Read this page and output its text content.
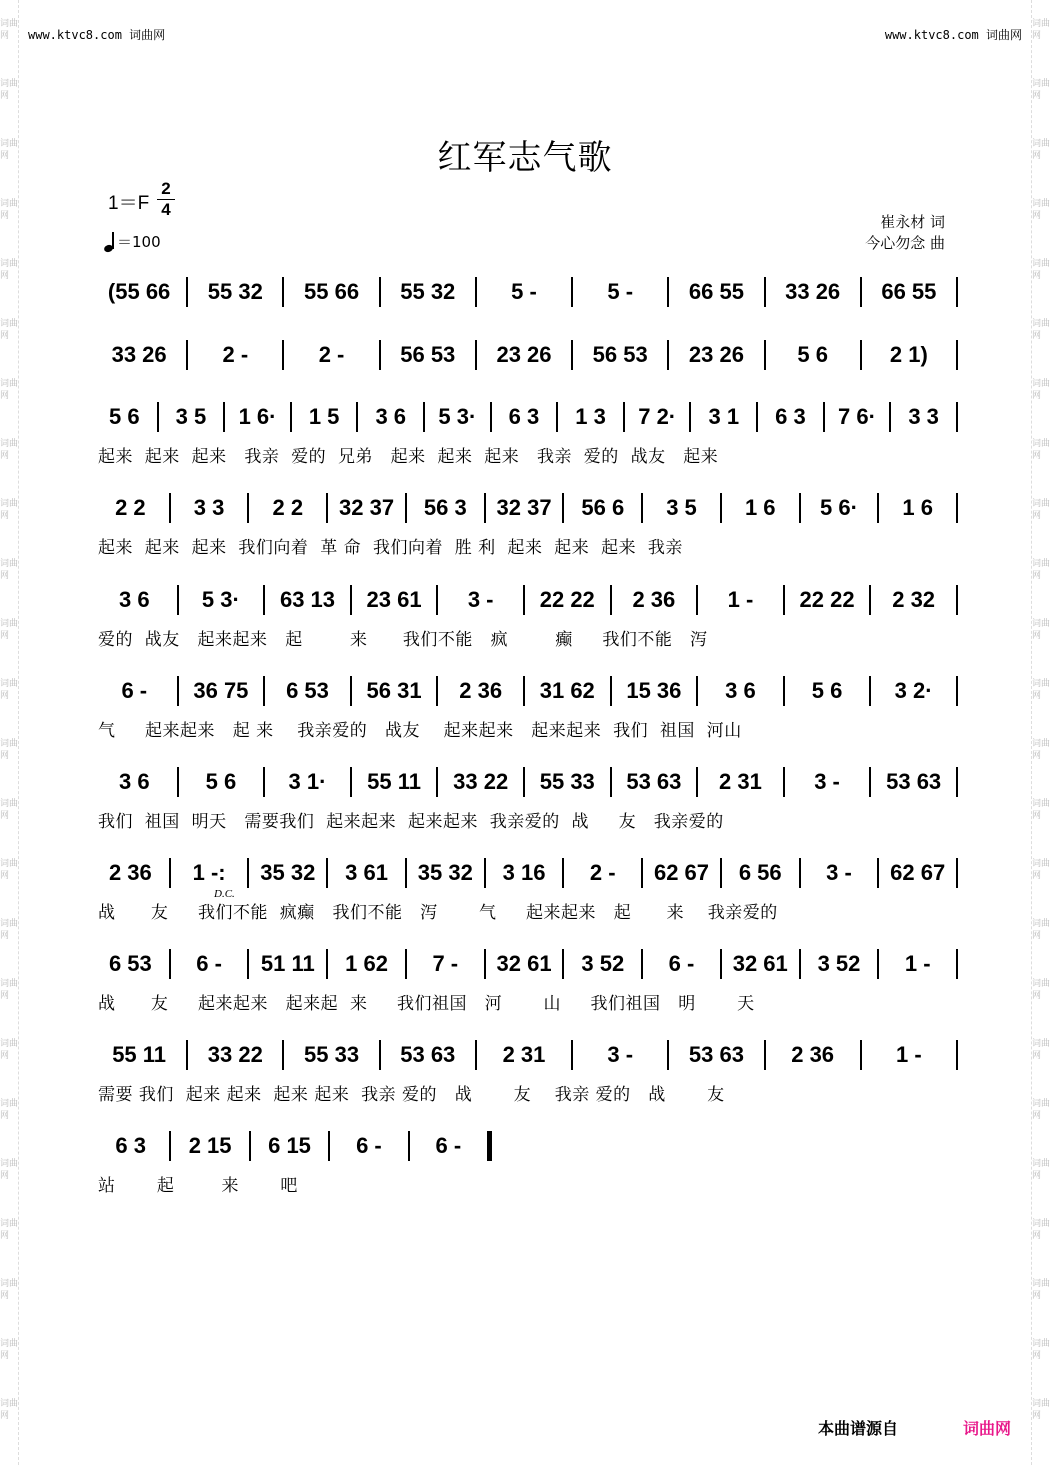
词曲网
词曲网
词曲网
词曲网
词曲网
词曲网
词曲网
词曲网
词曲网
词曲网
词曲网
词曲网
词曲网
词曲网
词曲网
词曲网
词曲网
词曲网
词曲网
词曲网
词曲网
词曲网
词曲网
词曲网
词曲网
词曲网
词曲网
词曲网
词曲网
词曲网
词曲网
词曲网
词曲网
词曲网
词曲网
词曲网
词曲网
词曲网
词曲网
词曲网
词曲网
词曲网
词曲网
词曲网
词曲网
词曲网
词曲网
词曲网
www.ktvc8.com 词曲网	www.ktvc8.com 词曲网
红军志气歌
1＝F
2
4
＝100
崔永材 词
今心勿念 曲
(55 66	55 32	55 66	55 32	5 -	5 -	66 55	33 26	66 55
33 26	2 -	2 -	56 53	23 26	56 53	23 26	5 6	2 1)
5 6	3 5	1 6·	1 5	3 6	5 3·	6 3	1 3	7 2·	3 1	6 3	7 6·	3 3
起来  起来  起来   我亲  爱的  兄弟   起来  起来  起来   我亲  爱的  战友   起来
2 2	3 3	2 2	32 37	56 3	32 37	56 6	3 5	1 6	5 6·	1 6
起来  起来  起来  我们向着  革 命  我们向着  胜 利  起来  起来  起来  我亲
3 6	5 3·	63 13	23 61	3 -	22 22	2 36	1 -	22 22	2 32
爱的  战友   起来起来   起        来      我们不能   疯        癫     我们不能   泻
6 -	36 75	6 53	56 31	2 36	31 62	15 36	3 6	5 6	3 2·
气     起来起来   起 来    我亲爱的   战友    起来起来   起来起来  我们  祖国  河山
3 6	5 6	3 1·	55 11	33 22	55 33	53 63	2 31	3 -	53 63
我们  祖国  明天   需要我们  起来起来  起来起来  我亲爱的  战     友   我亲爱的
2 36	1 -:	35 32	3 61	35 32	3 16	2 -	62 67	6 56	3 -	62 67
战      友     我们不能  疯癫   我们不能   泻       气     起来起来   起      来    我亲爱的
6 53	6 -	51 11	1 62	7 -	32 61	3 52	6 -	32 61	3 52	1 -
战      友     起来起来   起来起  来     我们祖国   河       山     我们祖国   明       天
55 11	33 22	55 33	53 63	2 31	3 -	53 63	2 36	1 -
需要 我们  起来 起来  起来 起来  我亲 爱的   战       友    我亲 爱的   战       友
6 3	2 15	6 15	6 -	6 -
站       起        来       吧
D.C.
本曲谱源自	词曲网
